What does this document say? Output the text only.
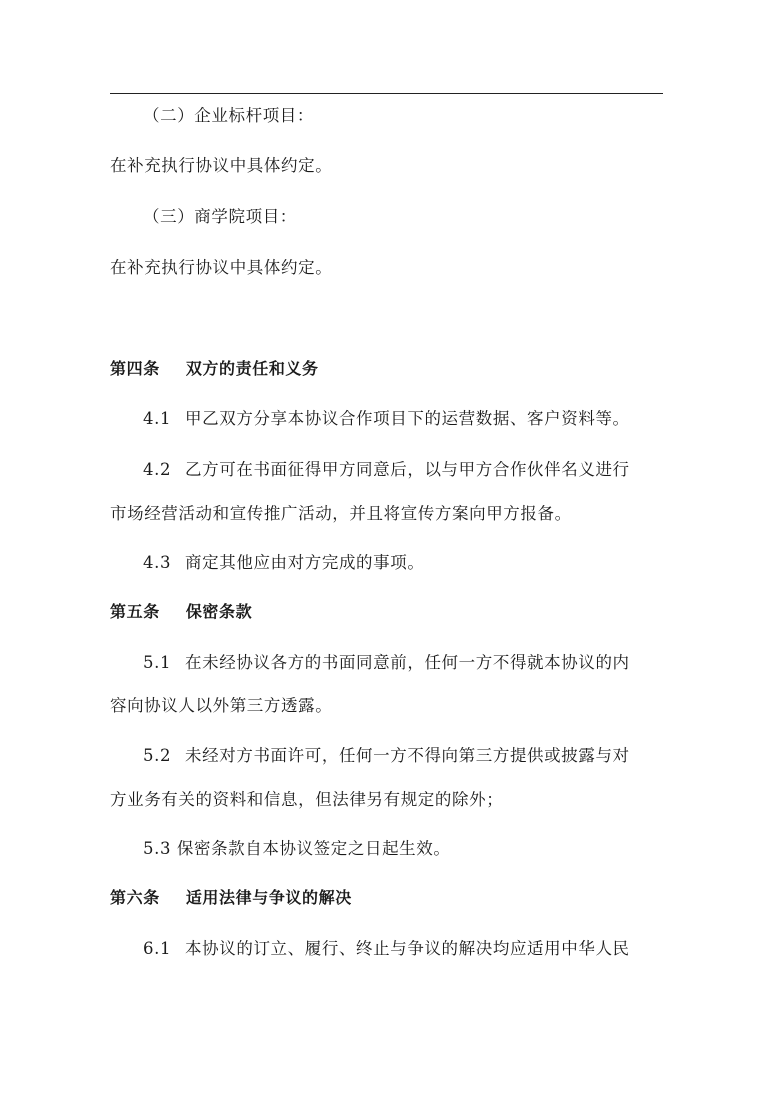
（二）企业标杆项目：
在补充执行协议中具体约定。
（三）商学院项目：
在补充执行协议中具体约定。
第四条 双方的责任和义务
4.1 甲乙双方分享本协议合作项目下的运营数据、客户资料等。
4.2 乙方可在书面征得甲方同意后，以与甲方合作伙伴名义进行
市场经营活动和宣传推广活动，并且将宣传方案向甲方报备。
4.3 商定其他应由对方完成的事项。
第五条 保密条款
5.1 在未经协议各方的书面同意前，任何一方不得就本协议的内
容向协议人以外第三方透露。
5.2 未经对方书面许可，任何一方不得向第三方提供或披露与对
方业务有关的资料和信息，但法律另有规定的除外；
5.3 保密条款自本协议签定之日起生效。
第六条 适用法律与争议的解决
6.1 本协议的订立、履行、终止与争议的解决均应适用中华人民
